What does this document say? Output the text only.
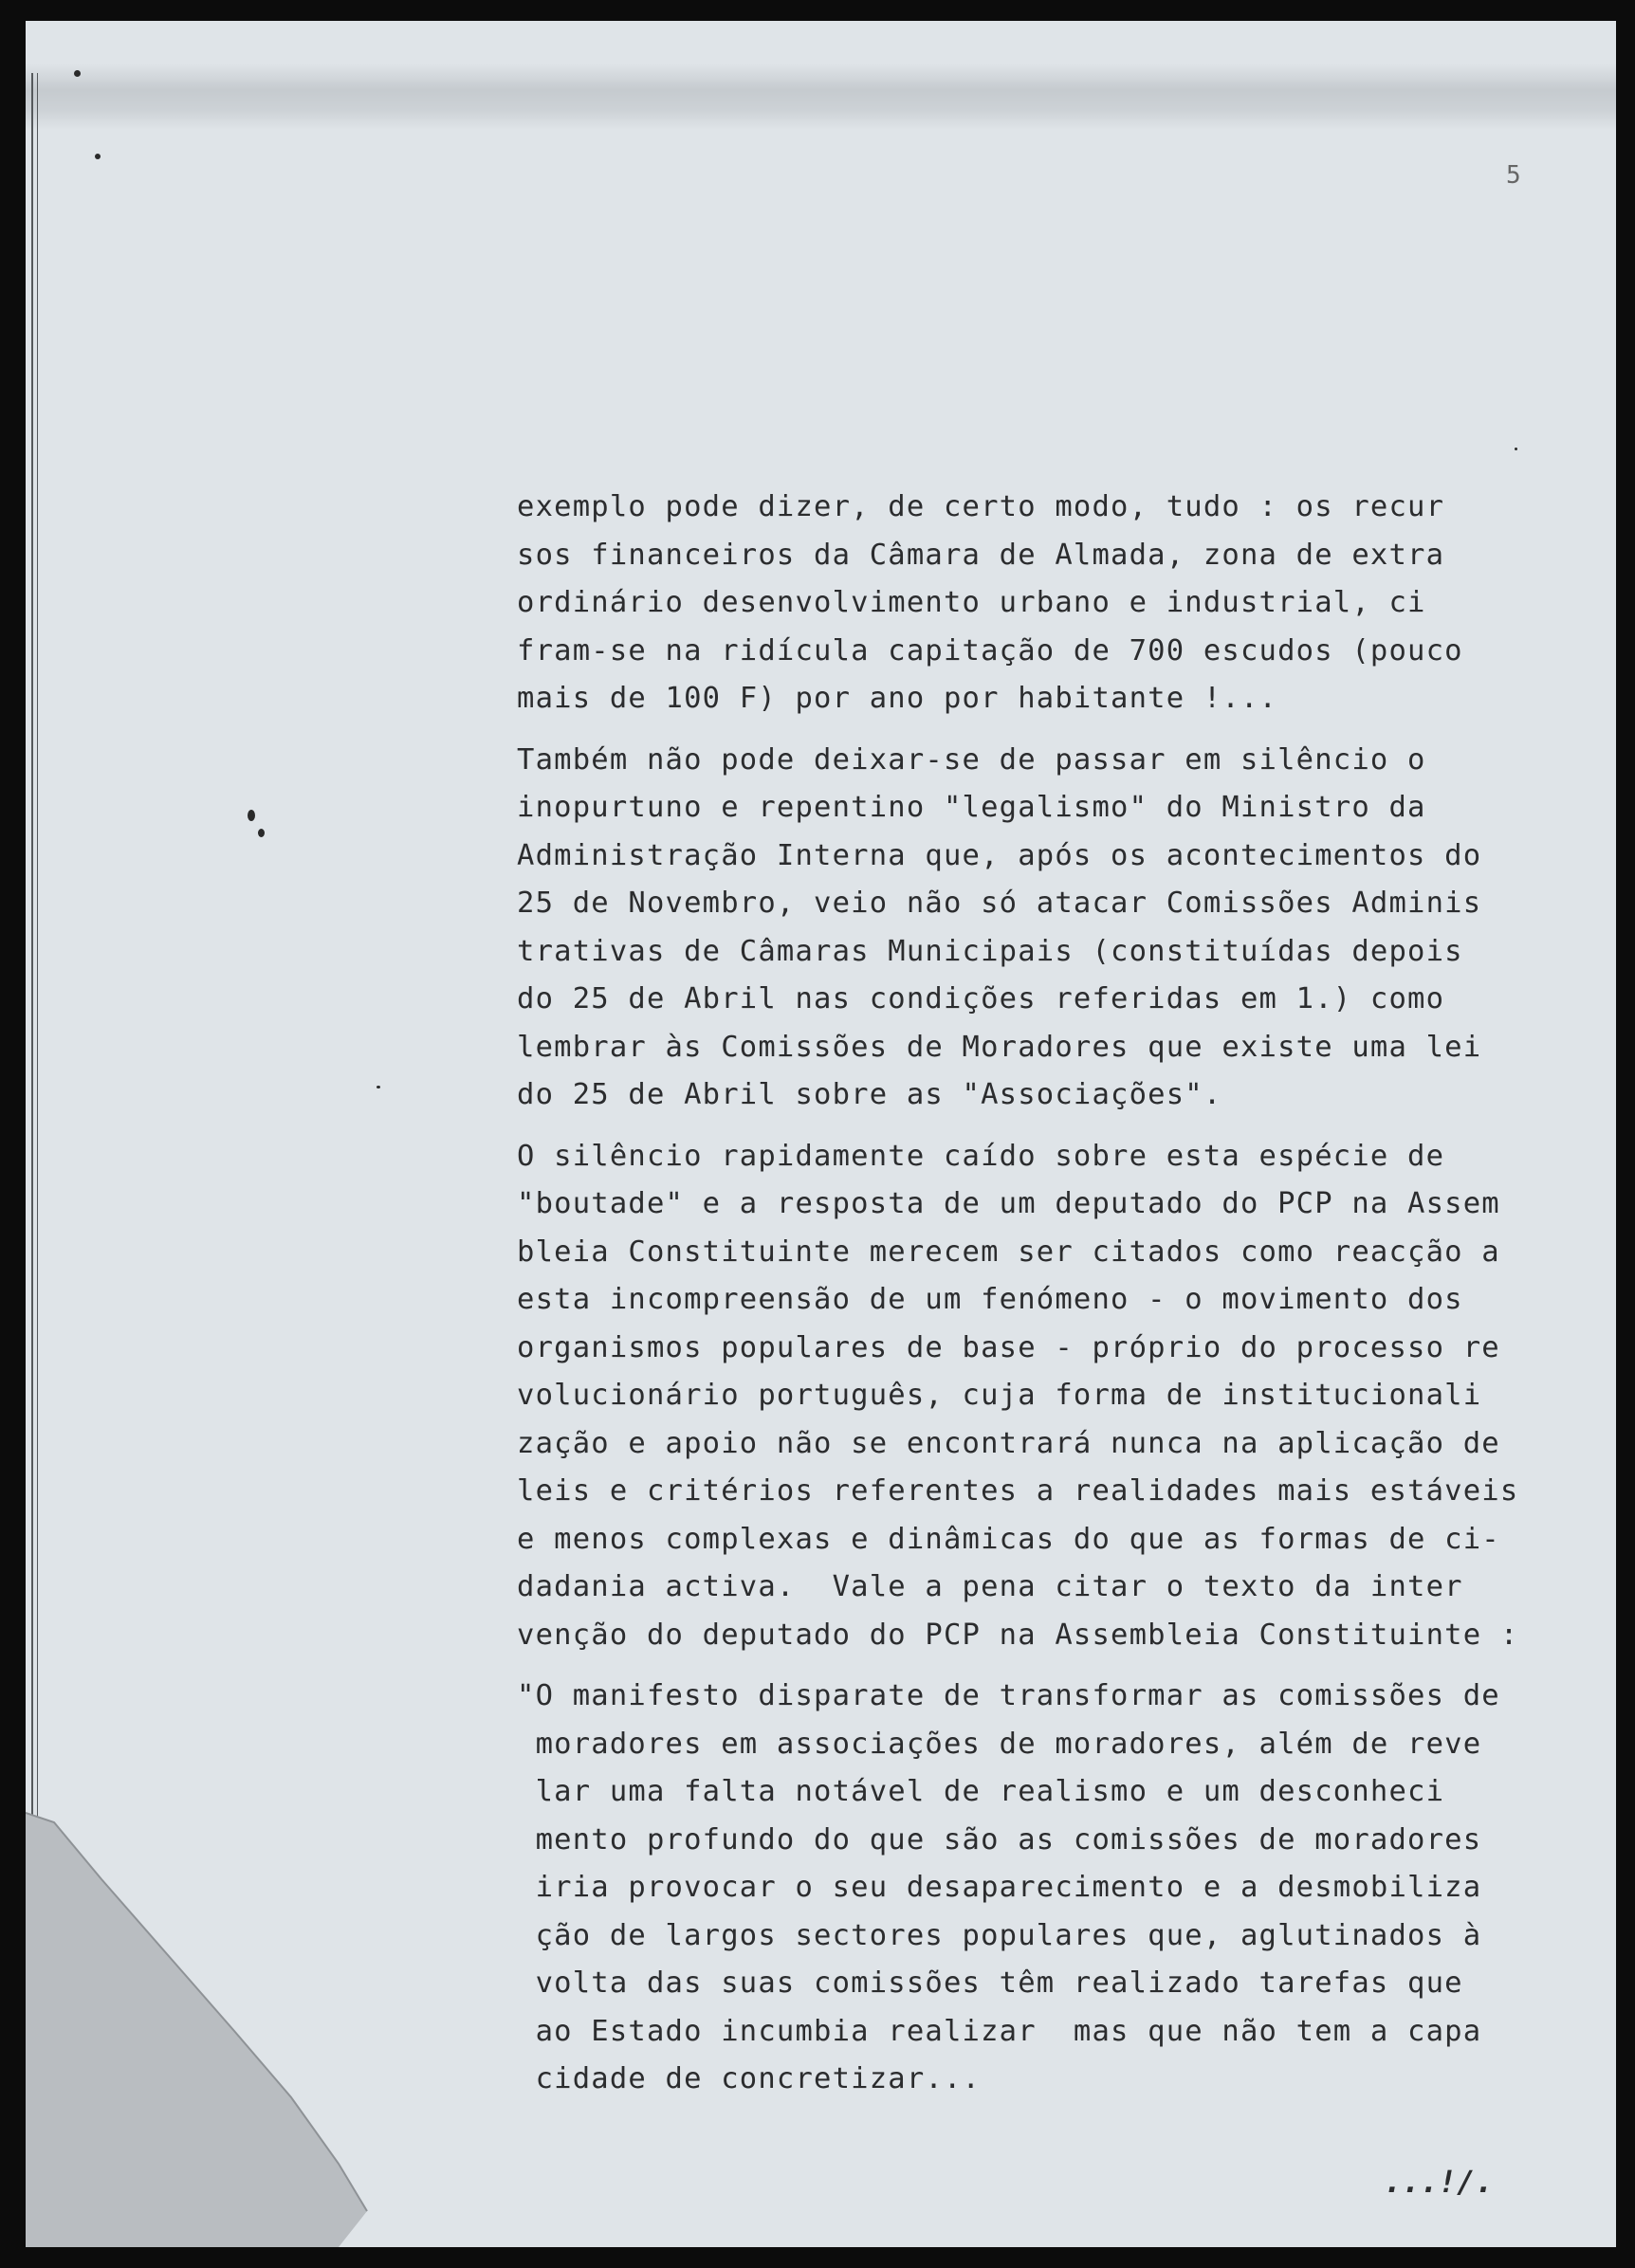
5
exemplo pode dizer, de certo modo, tudo : os recur
sos financeiros da Câmara de Almada, zona de extra
ordinário desenvolvimento urbano e industrial, ci
fram-se na ridícula capitação de 700 escudos (pouco
mais de 100 F) por ano por habitante !...
Também não pode deixar-se de passar em silêncio o
inopurtuno e repentino "legalismo" do Ministro da
Administração Interna que, após os acontecimentos do
25 de Novembro, veio não só atacar Comissões Adminis
trativas de Câmaras Municipais (constituídas depois
do 25 de Abril nas condições referidas em 1.) como
lembrar às Comissões de Moradores que existe uma lei
do 25 de Abril sobre as "Associações".
O silêncio rapidamente caído sobre esta espécie de
"boutade" e a resposta de um deputado do PCP na Assem
bleia Constituinte merecem ser citados como reacção a
esta incompreensão de um fenómeno - o movimento dos
organismos populares de base - próprio do processo re
volucionário português, cuja forma de institucionali
zação e apoio não se encontrará nunca na aplicação de
leis e critérios referentes a realidades mais estáveis
e menos complexas e dinâmicas do que as formas de ci-
dadania activa.  Vale a pena citar o texto da inter
venção do deputado do PCP na Assembleia Constituinte :
"O manifesto disparate de transformar as comissões de
moradores em associações de moradores, além de reve
lar uma falta notável de realismo e um desconheci
mento profundo do que são as comissões de moradores
iria provocar o seu desaparecimento e a desmobiliza
ção de largos sectores populares que, aglutinados à
volta das suas comissões têm realizado tarefas que
ao Estado incumbia realizar  mas que não tem a capa
cidade de concretizar...
...!/.
